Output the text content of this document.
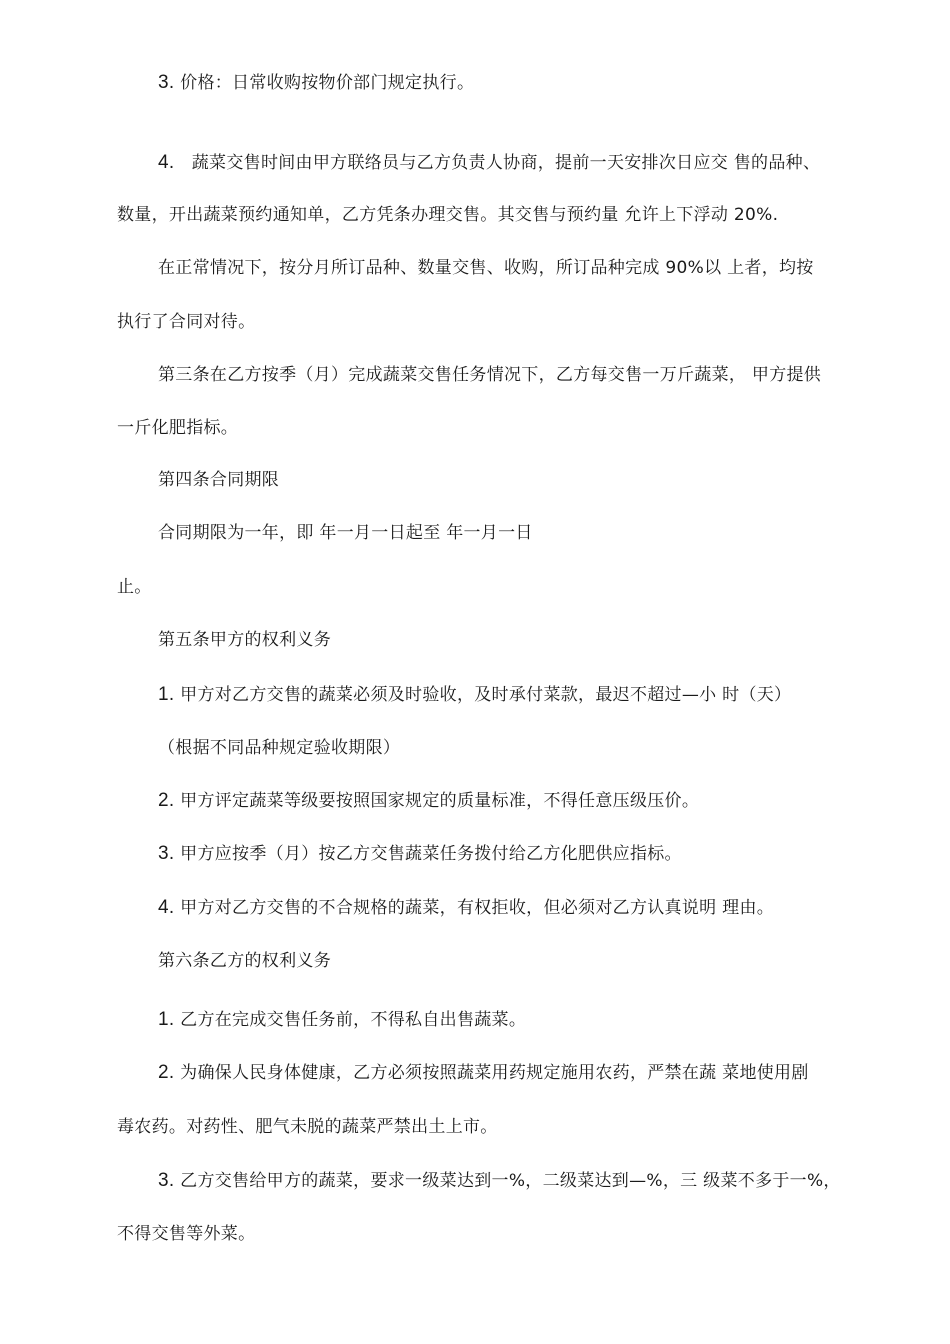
3. 价格：日常收购按物价部门规定执行。
4.　蔬菜交售时间由甲方联络员与乙方负责人协商，提前一天安排次日应交 售的品种、
数量，开出蔬菜预约通知单，乙方凭条办理交售。其交售与预约量 允许上下浮动 20%.
在正常情况下，按分月所订品种、数量交售、收购，所订品种完成 90%以 上者，均按
执行了合同对待。
第三条在乙方按季（月）完成蔬菜交售任务情况下，乙方每交售一万斤蔬菜， 甲方提供
一斤化肥指标。
第四条合同期限
合同期限为一年，即 年一月一日起至 年一月一日
止。
第五条甲方的权利义务
1. 甲方对乙方交售的蔬菜必须及时验收，及时承付菜款，最迟不超过—小 时（天）
（根据不同品种规定验收期限）
2. 甲方评定蔬菜等级要按照国家规定的质量标准，不得任意压级压价。
3. 甲方应按季（月）按乙方交售蔬菜任务拨付给乙方化肥供应指标。
4. 甲方对乙方交售的不合规格的蔬菜，有权拒收，但必须对乙方认真说明 理由。
第六条乙方的权利义务
1. 乙方在完成交售任务前，不得私自出售蔬菜。
2. 为确保人民身体健康，乙方必须按照蔬菜用药规定施用农药，严禁在蔬 菜地使用剧
毒农药。对药性、肥气未脱的蔬菜严禁出土上市。
3. 乙方交售给甲方的蔬菜，要求一级菜达到一%，二级菜达到—%，三 级菜不多于一%，
不得交售等外菜。
